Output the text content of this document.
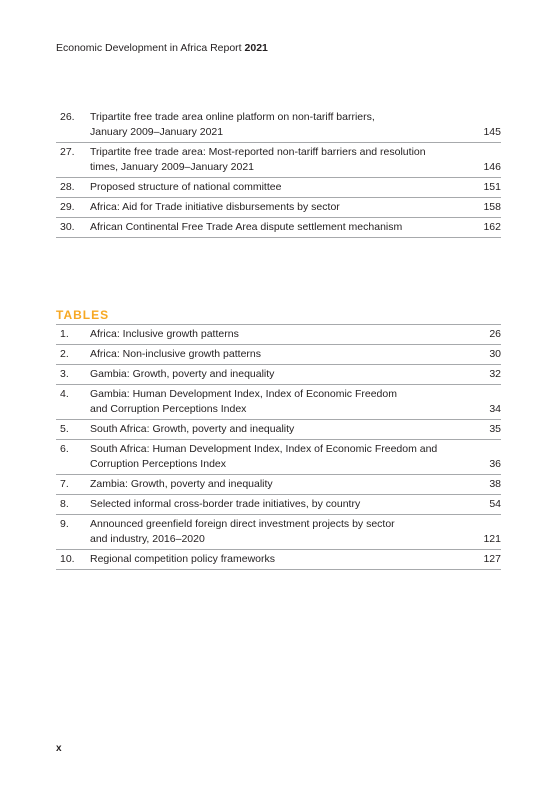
Economic Development in Africa Report 2021
26.	Tripartite free trade area online platform on non-tariff barriers,
January 2009–January 2021	145
27.	Tripartite free trade area: Most-reported non-tariff barriers and resolution
times, January 2009–January 2021	146
28.	Proposed structure of national committee	151
29.	Africa: Aid for Trade initiative disbursements by sector	158
30.	African Continental Free Trade Area dispute settlement mechanism	162
TABLES
1.	Africa: Inclusive growth patterns	26
2.	Africa: Non-inclusive growth patterns	30
3.	Gambia: Growth, poverty and inequality	32
4.	Gambia: Human Development Index, Index of Economic Freedom
and Corruption Perceptions Index	34
5.	South Africa: Growth, poverty and inequality	35
6.	South Africa: Human Development Index, Index of Economic Freedom and
Corruption Perceptions Index	36
7.	Zambia: Growth, poverty and inequality	38
8.	Selected informal cross-border trade initiatives, by country	54
9.	Announced greenfield foreign direct investment projects by sector
and industry, 2016–2020	121
10.	Regional competition policy frameworks	127
x
